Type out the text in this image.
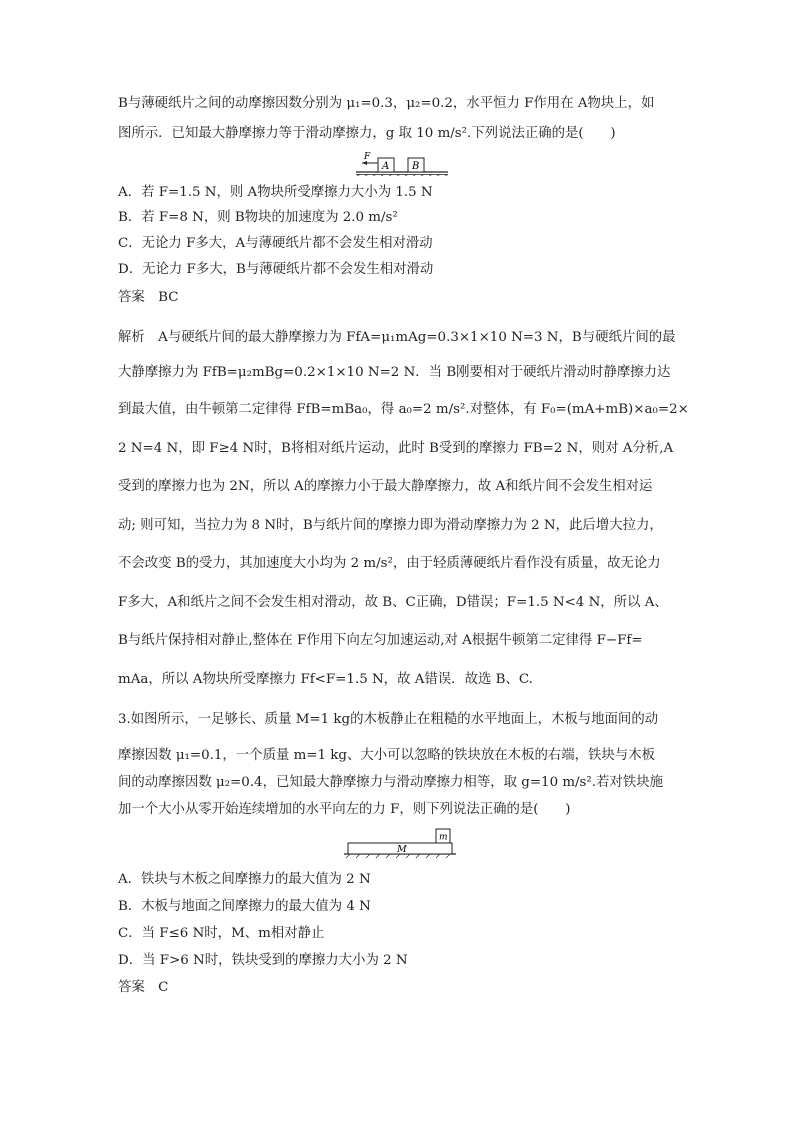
B与薄硬纸片之间的动摩擦因数分别为 μ₁=0.3，μ₂=0.2，水平恒力 F作用在 A物块上，如
图所示．已知最大静摩擦力等于滑动摩擦力，g 取 10 m/s².下列说法正确的是(　　)
F
A B
A．若 F=1.5 N，则 A物块所受摩擦力大小为 1.5 N
B．若 F=8 N，则 B物块的加速度为 2.0 m/s²
C．无论力 F多大，A与薄硬纸片都不会发生相对滑动
D．无论力 F多大，B与薄硬纸片都不会发生相对滑动
答案　BC
解析　A与硬纸片间的最大静摩擦力为 FfA=μ₁mAg=0.3×1×10 N=3 N，B与硬纸片间的最
大静摩擦力为 FfB=μ₂mBg=0.2×1×10 N=2 N．当 B刚要相对于硬纸片滑动时静摩擦力达
到最大值，由牛顿第二定律得 FfB=mBa₀，得 a₀=2 m/s².对整体，有 F₀=(mA+mB)×a₀=2×
2 N=4 N，即 F≥4 N时，B将相对纸片运动，此时 B受到的摩擦力 FB=2 N，则对 A分析,A
受到的摩擦力也为 2N，所以 A的摩擦力小于最大静摩擦力，故 A和纸片间不会发生相对运
动; 则可知，当拉力为 8 N时，B与纸片间的摩擦力即为滑动摩擦力为 2 N，此后增大拉力，
不会改变 B的受力，其加速度大小均为 2 m/s²，由于轻质薄硬纸片看作没有质量，故无论力
F多大，A和纸片之间不会发生相对滑动，故 B、C正确，D错误；F=1.5 N<4 N，所以 A、
B与纸片保持相对静止,整体在 F作用下向左匀加速运动,对 A根据牛顿第二定律得 F−Ff=
mAa，所以 A物块所受摩擦力 Ff<F=1.5 N，故 A错误．故选 B、C.
3.如图所示，一足够长、质量 M=1 kg的木板静止在粗糙的水平地面上，木板与地面间的动
摩擦因数 μ₁=0.1，一个质量 m=1 kg、大小可以忽略的铁块放在木板的右端，铁块与木板
间的动摩擦因数 μ₂=0.4，已知最大静摩擦力与滑动摩擦力相等，取 g=10 m/s².若对铁块施
加一个大小从零开始连续增加的水平向左的力 F，则下列说法正确的是(　　)
M
m
A．铁块与木板之间摩擦力的最大值为 2 N
B．木板与地面之间摩擦力的最大值为 4 N
C．当 F≤6 N时，M、m相对静止
D．当 F>6 N时，铁块受到的摩擦力大小为 2 N
答案　C
